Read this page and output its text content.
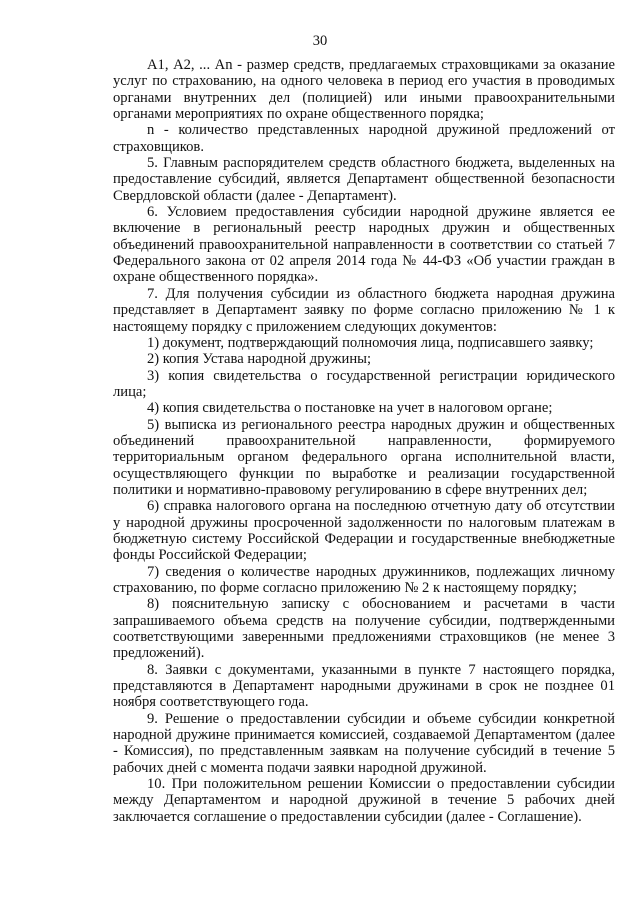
30

А1, А2, ... Аn - размер средств, предлагаемых страховщиками за оказание услуг по страхованию, на одного человека в период его участия в проводимых органами внутренних дел (полицией) или иными правоохранительными органами мероприятиях по охране общественного порядка;

n - количество представленных народной дружиной предложений от страховщиков.

5. Главным распорядителем средств областного бюджета, выделенных на предоставление субсидий, является Департамент общественной безопасности Свердловской области (далее - Департамент).

6. Условием предоставления субсидии народной дружине является ее включение в региональный реестр народных дружин и общественных объединений правоохранительной направленности в соответствии со статьей 7 Федерального закона от 02 апреля 2014 года № 44-ФЗ «Об участии граждан в охране общественного порядка».

7. Для получения субсидии из областного бюджета народная дружина представляет в Департамент заявку по форме согласно приложению № 1 к настоящему порядку с приложением следующих документов:

1) документ, подтверждающий полномочия лица, подписавшего заявку;

2) копия Устава народной дружины;

3) копия свидетельства о государственной регистрации юридического лица;

4) копия свидетельства о постановке на учет в налоговом органе;

5) выписка из регионального реестра народных дружин и общественных объединений правоохранительной направленности, формируемого территориальным органом федерального органа исполнительной власти, осуществляющего функции по выработке и реализации государственной политики и нормативно-правовому регулированию в сфере внутренних дел;

6) справка налогового органа на последнюю отчетную дату об отсутствии у народной дружины просроченной задолженности по налоговым платежам в бюджетную систему Российской Федерации и государственные внебюджетные фонды Российской Федерации;

7) сведения о количестве народных дружинников, подлежащих личному страхованию, по форме согласно приложению № 2 к настоящему порядку;

8) пояснительную записку с обоснованием и расчетами в части запрашиваемого объема средств на получение субсидии, подтвержденными соответствующими заверенными предложениями страховщиков (не менее 3 предложений).

8. Заявки с документами, указанными в пункте 7 настоящего порядка, представляются в Департамент народными дружинами в срок не позднее 01 ноября соответствующего года.

9. Решение о предоставлении субсидии и объеме субсидии конкретной народной дружине принимается комиссией, создаваемой Департаментом (далее - Комиссия), по представленным заявкам на получение субсидий в течение 5 рабочих дней с момента подачи заявки народной дружиной.

10. При положительном решении Комиссии о предоставлении субсидии между Департаментом и народной дружиной в течение 5 рабочих дней заключается соглашение о предоставлении субсидии (далее - Соглашение).
